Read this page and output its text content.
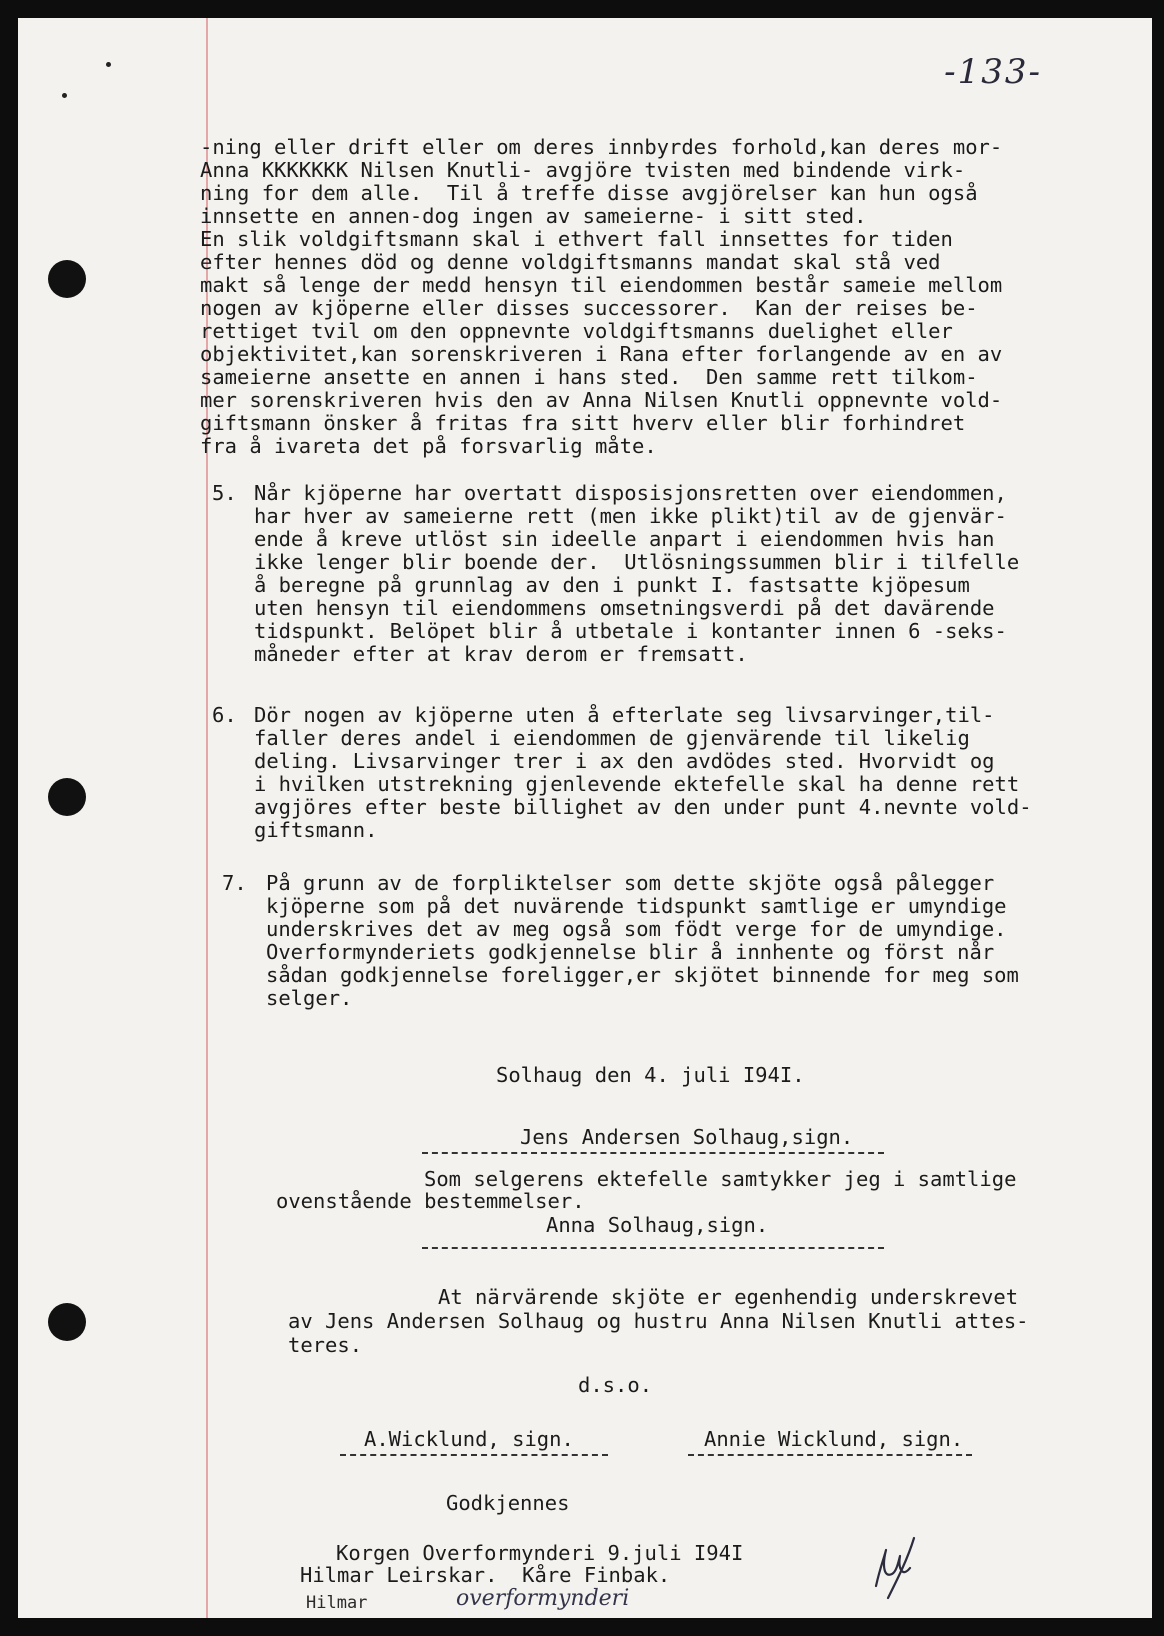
-133-
-ning eller drift eller om deres innbyrdes forhold,kan deres mor-
Anna KKKKKKK Nilsen Knutli- avgjöre tvisten med bindende virk-
ning for dem alle.  Til å treffe disse avgjörelser kan hun også
innsette en annen-dog ingen av sameierne- i sitt sted.
En slik voldgiftsmann skal i ethvert fall innsettes for tiden
efter hennes död og denne voldgiftsmanns mandat skal stå ved
makt så lenge der medd hensyn til eiendommen består sameie mellom
nogen av kjöperne eller disses successorer.  Kan der reises be-
rettiget tvil om den oppnevnte voldgiftsmanns duelighet eller
objektivitet,kan sorenskriveren i Rana efter forlangende av en av
sameierne ansette en annen i hans sted.  Den samme rett tilkom-
mer sorenskriveren hvis den av Anna Nilsen Knutli oppnevnte vold-
giftsmann önsker å fritas fra sitt hverv eller blir forhindret
fra å ivareta det på forsvarlig måte.
5. Når kjöperne har overtatt disposisjonsretten over eiendommen,
har hver av sameierne rett (men ikke plikt)til av de gjenvär-
ende å kreve utlöst sin ideelle anpart i eiendommen hvis han
ikke lenger blir boende der.  Utlösningssummen blir i tilfelle
å beregne på grunnlag av den i punkt I. fastsatte kjöpesum
uten hensyn til eiendommens omsetningsverdi på det davärende
tidspunkt. Belöpet blir å utbetale i kontanter innen 6 -seks-
måneder efter at krav derom er fremsatt.
6. Dör nogen av kjöperne uten å efterlate seg livsarvinger,til-
faller deres andel i eiendommen de gjenvärende til likelig
deling. Livsarvinger trer i ax den avdödes sted. Hvorvidt og
i hvilken utstrekning gjenlevende ektefelle skal ha denne rett
avgjöres efter beste billighet av den under punt 4.nevnte vold-
giftsmann.
7. På grunn av de forpliktelser som dette skjöte også pålegger
kjöperne som på det nuvärende tidspunkt samtlige er umyndige
underskrives det av meg også som födt verge for de umyndige.
Overformynderiets godkjennelse blir å innhente og först når
sådan godkjennelse foreligger,er skjötet binnende for meg som
selger.
Solhaug den 4. juli I94I.
Jens Andersen Solhaug,sign.
Som selgerens ektefelle samtykker jeg i samtlige
ovenstående bestemmelser.
Anna Solhaug,sign.
At närvärende skjöte er egenhendig underskrevet
av Jens Andersen Solhaug og hustru Anna Nilsen Knutli attes-
teres.
d.s.o.
A.Wicklund, sign.	Annie Wicklund, sign.
Godkjennes
Korgen Overformynderi 9.juli I94I
Hilmar Leirskar.  Kåre Finbak.
overformynderi
Hilmar
